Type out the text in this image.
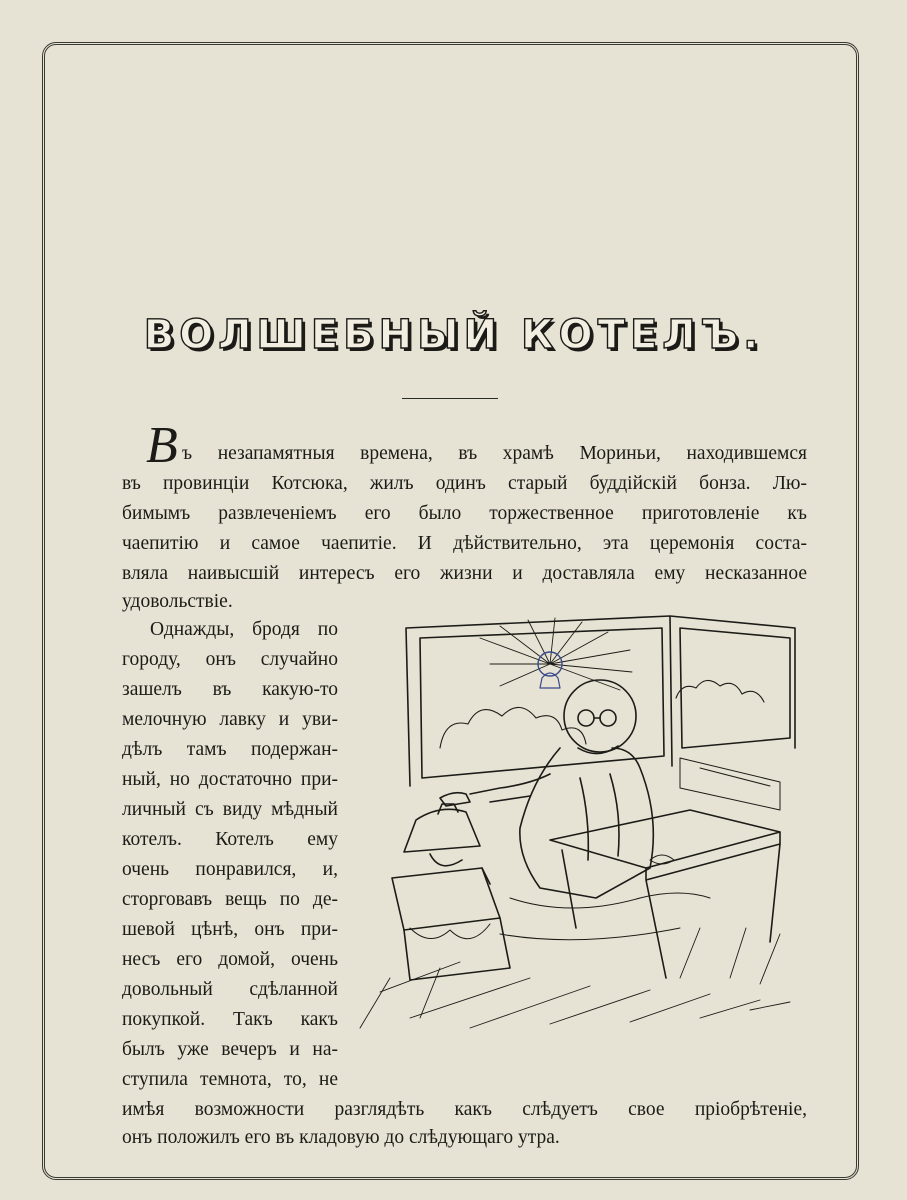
ВОЛШЕБНЫЙ КОТЕЛЪ.
В ъ незапамятныя времена, въ храмѣ Мориньи, находившемся
въ провинціи Котсюка, жилъ одинъ старый буддійскій бонза. Лю-
бимымъ развлеченіемъ его было торжественное приготовленіе къ
чаепитію и самое чаепитіе. И дѣйствительно, эта церемонія соста-
вляла наивысшій интересъ его жизни и доставляла ему несказанное
удовольствіе.
Однажды, бродя по
городу, онъ случайно
зашелъ въ какую-то
мелочную лавку и уви-
дѣлъ тамъ подержан-
ный, но достаточно при-
личный съ виду мѣдный
котелъ. Котелъ ему
очень понравился, и,
сторговавъ вещь по де-
шевой цѣнѣ, онъ при-
несъ его домой, очень
довольный сдѣланной
покупкой. Такъ какъ
былъ уже вечеръ и на-
ступила темнота, то, не
имѣя возможности разглядѣть какъ слѣдуетъ свое пріобрѣтеніе,
онъ положилъ его въ кладовую до слѣдующаго утра.
